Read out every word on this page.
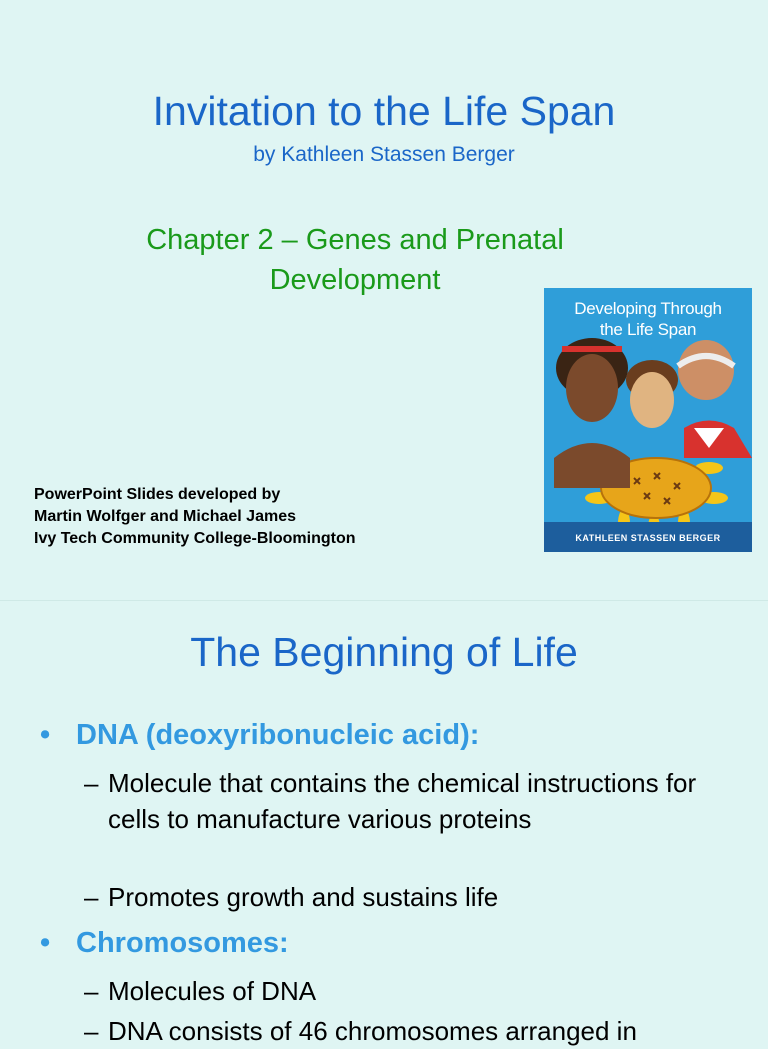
Invitation to the Life Span
by Kathleen Stassen Berger
Chapter 2 – Genes and Prenatal Development
PowerPoint Slides developed by
Martin Wolfger and Michael James
Ivy Tech Community College-Bloomington
Developing Through
the Life Span
KATHLEEN STASSEN BERGER
The Beginning of Life
• DNA (deoxyribonucleic acid):
– Molecule that contains the chemical instructions for cells to manufacture various proteins
– Promotes growth and sustains life
• Chromosomes:
– Molecules of DNA
– DNA consists of 46 chromosomes arranged in
